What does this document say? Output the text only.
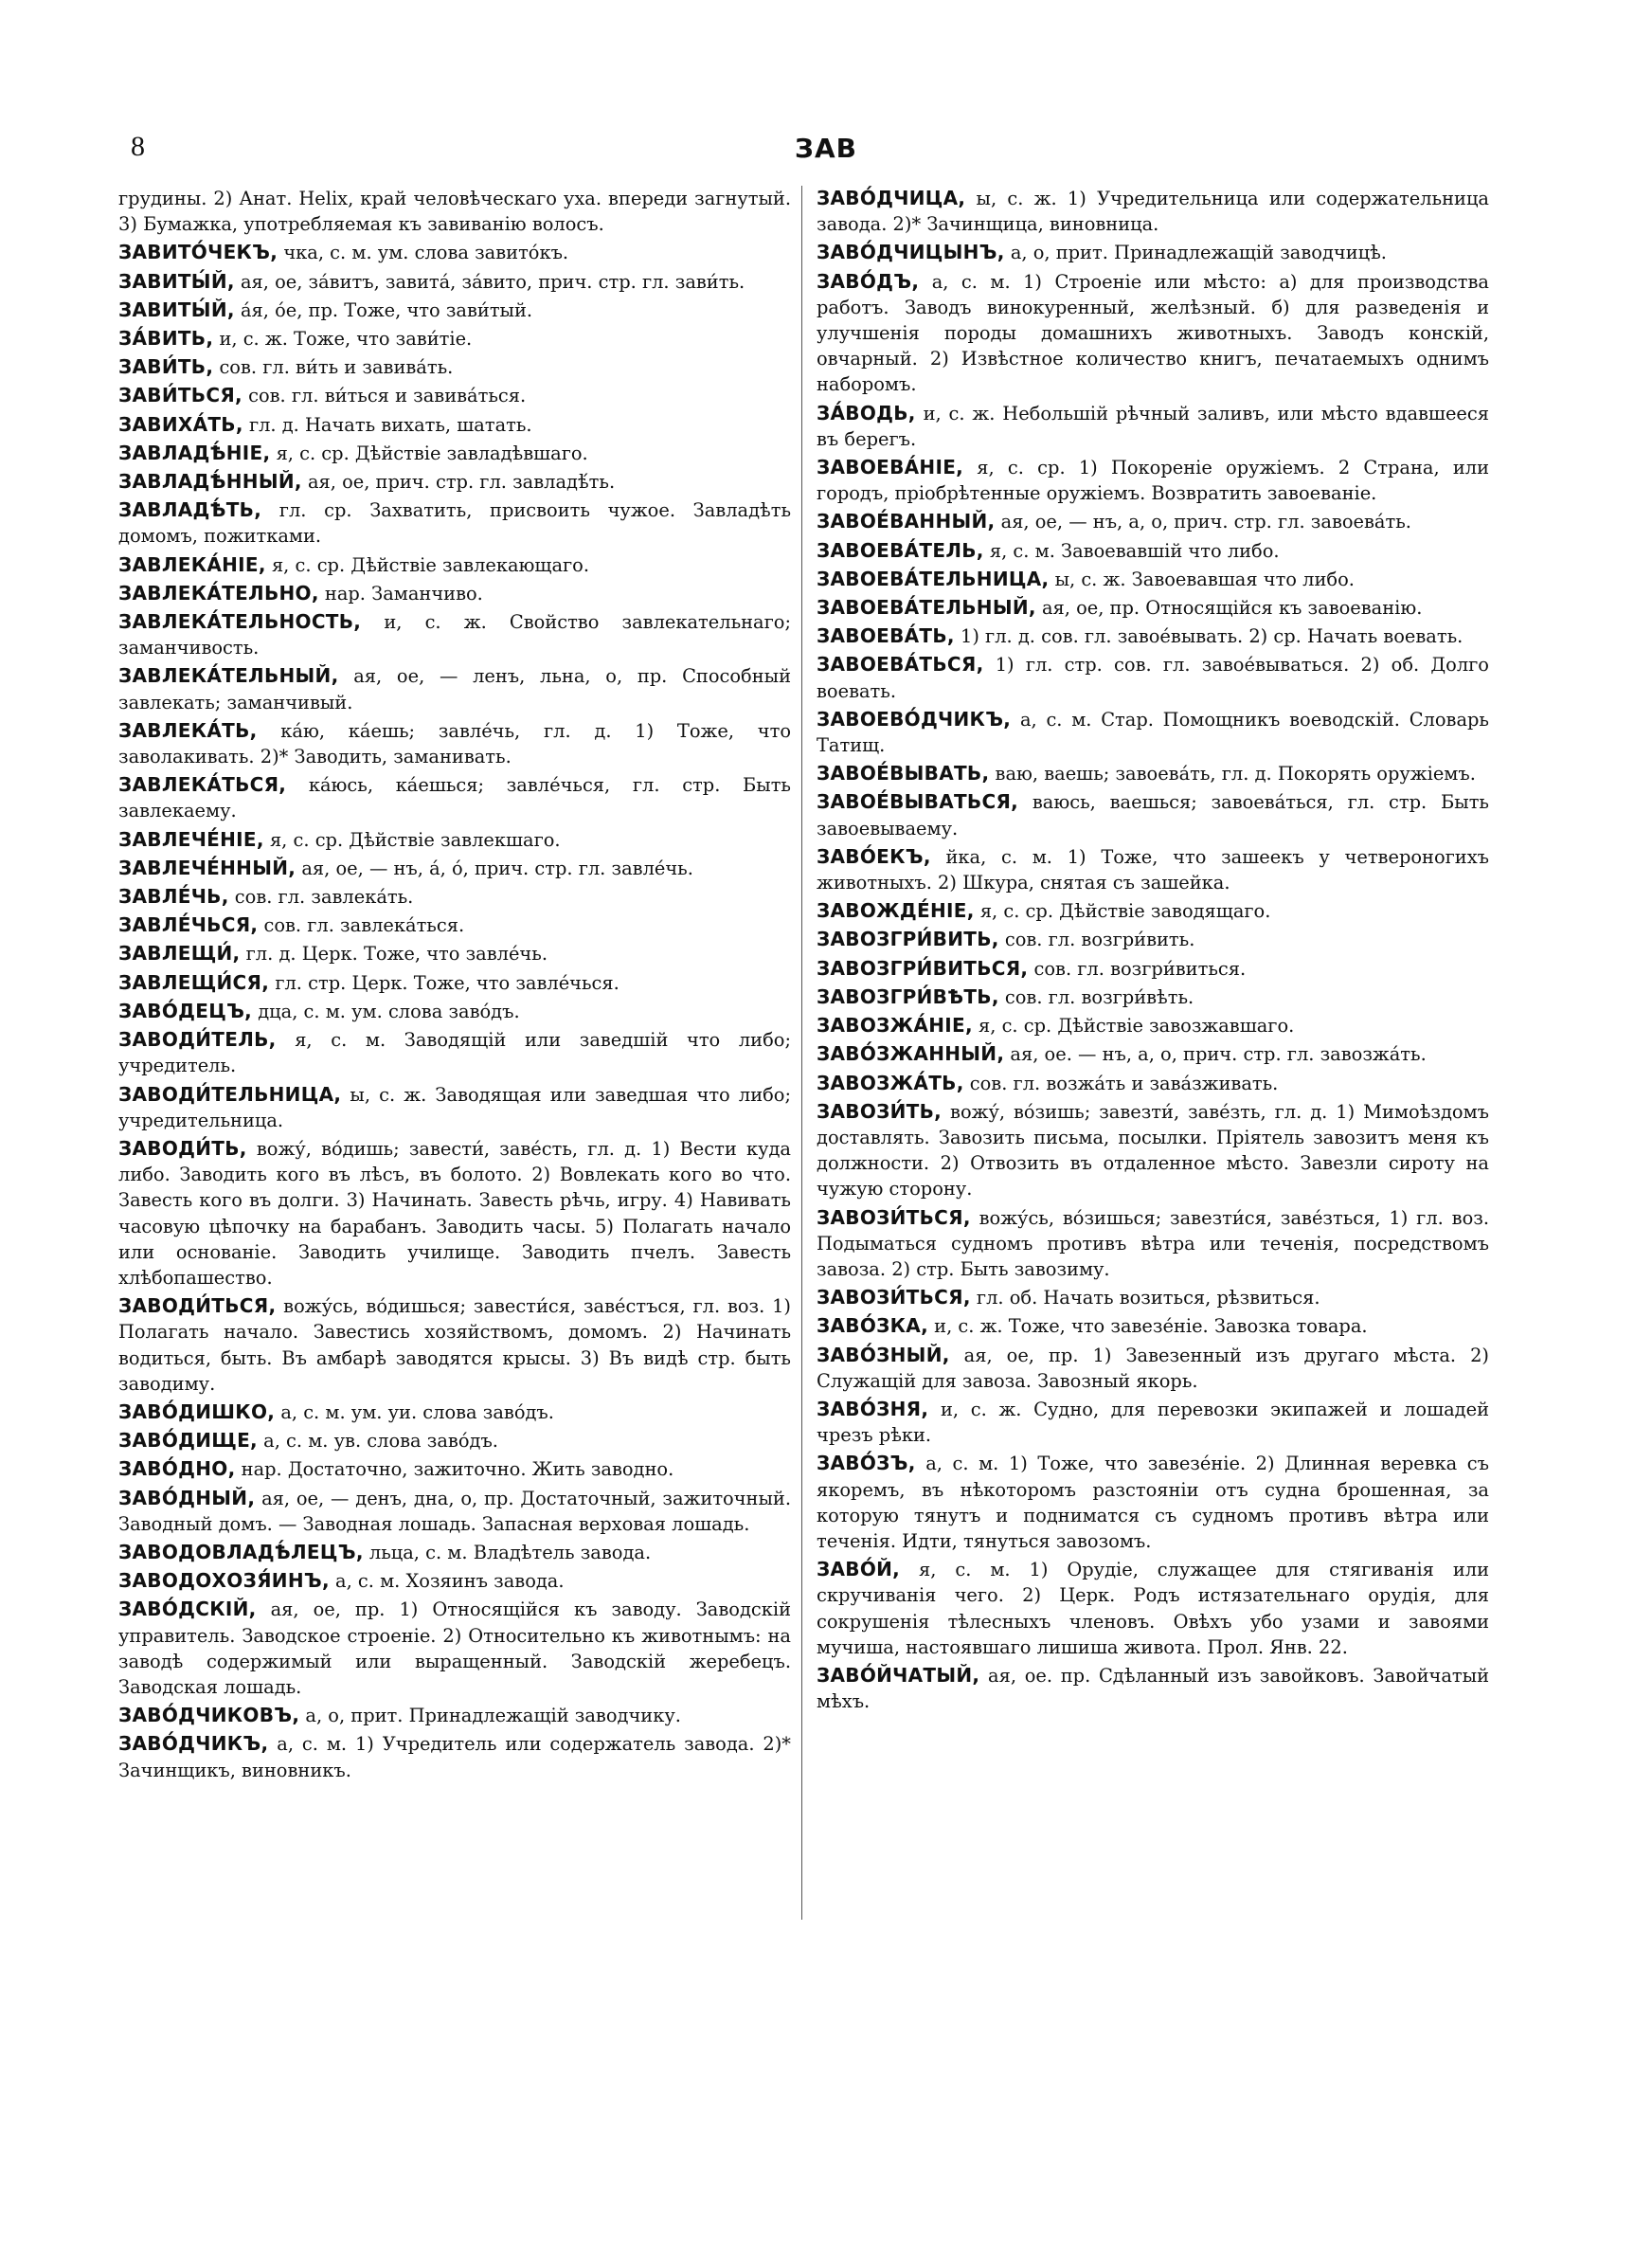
8	ЗАВ

грудины. 2) Анат. Helix, край человѣческаго уха. впереди загнутый. 3) Бумажка, употребляемая къ завиванію волосъ.

ЗАВИТО́ЧЕКЪ, чка, с. м. ум. слова завито́къ.

ЗАВИТЫ́Й, ая, ое, за́витъ, завита́, за́вито, прич. стр. гл. зави́ть.

ЗАВИТЫ́Й, а́я, о́е, пр. Тоже, что зави́тый.

ЗА́ВИТЬ, и, с. ж. Тоже, что зави́тіе.

ЗАВИ́ТЬ, сов. гл. ви́ть и завива́ть.

ЗАВИ́ТЬСЯ, сов. гл. ви́ться и завива́ться.

ЗАВИХА́ТЬ, гл. д. Начать вихать, шатать.

ЗАВЛАДѢ́НІЕ, я, с. ср. Дѣйствіе завладѣвшаго.

ЗАВЛАДѢ́ННЫЙ, ая, ое, прич. стр. гл. завладѣ́ть.

ЗАВЛАДѢ́ТЬ, гл. ср. Захватить, присвоить чужое. Завладѣть домомъ, пожитками.

ЗАВЛЕКА́НІЕ, я, с. ср. Дѣйствіе завлекающаго.

ЗАВЛЕКА́ТЕЛЬНО, нар. Заманчиво.

ЗАВЛЕКА́ТЕЛЬНОСТЬ, и, с. ж. Свойство завлекательнаго; заманчивость.

ЗАВЛЕКА́ТЕЛЬНЫЙ, ая, ое, — ленъ, льна, о, пр. Способный завлекать; заманчивый.

ЗАВЛЕКА́ТЬ, ка́ю, ка́ешь; завле́чь, гл. д. 1) Тоже, что заволакивать. 2)* Заводить, заманивать.

ЗАВЛЕКА́ТЬСЯ, ка́юсь, ка́ешься; завле́чься, гл. стр. Быть завлекаему.

ЗАВЛЕЧЕ́НІЕ, я, с. ср. Дѣйствіе завлекшаго.

ЗАВЛЕЧЕ́ННЫЙ, ая, ое, — нъ, а́, о́, прич. стр. гл. завле́чь.

ЗАВЛЕ́ЧЬ, сов. гл. завлека́ть.

ЗАВЛЕ́ЧЬСЯ, сов. гл. завлека́ться.

ЗАВЛЕЩИ́, гл. д. Церк. Тоже, что завле́чь.

ЗАВЛЕЩИ́СЯ, гл. стр. Церк. Тоже, что завле́чься.

ЗАВО́ДЕЦЪ, дца, с. м. ум. слова заво́дъ.

ЗАВОДИ́ТЕЛЬ, я, с. м. Заводящій или заведшій что либо; учредитель.

ЗАВОДИ́ТЕЛЬНИЦА, ы, с. ж. Заводящая или заведшая что либо; учредительница.

ЗАВОДИ́ТЬ, вожу́, во́дишь; завести́, заве́сть, гл. д. 1) Вести куда либо. Заводить кого въ лѣсъ, въ болото. 2) Вовлекать кого во что. Завесть кого въ долги. 3) Начинать. Завесть рѣчь, игру. 4) Навивать часовую цѣпочку на барабанъ. Заводить часы. 5) Полагать начало или основаніе. Заводить училище. Заводить пчелъ. Завесть хлѣбопашество.

ЗАВОДИ́ТЬСЯ, вожу́сь, во́дишься; завести́ся, заве́стъся, гл. воз. 1) Полагать начало. Завестись хозяйствомъ, домомъ. 2) Начинать водиться, быть. Въ амбарѣ заводятся крысы. 3) Въ видѣ стр. быть заводиму.

ЗАВО́ДИШКО, а, с. м. ум. уи. слова заво́дъ.

ЗАВО́ДИЩЕ, а, с. м. ув. слова заво́дъ.

ЗАВО́ДНО, нар. Достаточно, зажиточно. Жить заводно.

ЗАВО́ДНЫЙ, ая, ое, — денъ, дна, о, пр. Достаточный, зажиточный. Заводный домъ. — Заводная лошадь. Запасная верховая лошадь.

ЗАВОДОВЛАДѢ́ЛЕЦЪ, льца, с. м. Владѣтель завода.

ЗАВОДОХОЗЯ́ИНЪ, а, с. м. Хозяинъ завода.

ЗАВО́ДСКІЙ, ая, ое, пр. 1) Относящійся къ заводу. Заводскій управитель. Заводское строеніе. 2) Относительно къ животнымъ: на заводѣ содержимый или выращенный. Заводскій жеребецъ. Заводская лошадь.

ЗАВО́ДЧИКОВЪ, а, о, прит. Принадлежащій заводчику.

ЗАВО́ДЧИКЪ, а, с. м. 1) Учредитель или содержатель завода. 2)* Зачинщикъ, виновникъ.

ЗАВО́ДЧИЦА, ы, с. ж. 1) Учредительница или содержательница завода. 2)* Зачинщица, виновница.

ЗАВО́ДЧИЦЫНЪ, а, о, прит. Принадлежащій заводчицѣ.

ЗАВО́ДЪ, а, с. м. 1) Строеніе или мѣсто: а) для производства работъ. Заводъ винокуренный, желѣзный. б) для разведенія и улучшенія породы домашнихъ животныхъ. Заводъ конскій, овчарный. 2) Извѣстное количество книгъ, печатаемыхъ однимъ наборомъ.

ЗА́ВОДЬ, и, с. ж. Небольшій рѣчный заливъ, или мѣсто вдавшееся въ берегъ.

ЗАВОЕВА́НІЕ, я, с. ср. 1) Покореніе оружіемъ. 2 Страна, или городъ, пріобрѣтенные оружіемъ. Возвратить завоеваніе.

ЗАВОЕ́ВАННЫЙ, ая, ое, — нъ, а, о, прич. стр. гл. завоева́ть.

ЗАВОЕВА́ТЕЛЬ, я, с. м. Завоевавшій что либо.

ЗАВОЕВА́ТЕЛЬНИЦА, ы, с. ж. Завоевавшая что либо.

ЗАВОЕВА́ТЕЛЬНЫЙ, ая, ое, пр. Относящійся къ завоеванію.

ЗАВОЕВА́ТЬ, 1) гл. д. сов. гл. завое́вывать. 2) ср. Начать воевать.

ЗАВОЕВА́ТЬСЯ, 1) гл. стр. сов. гл. завое́вываться. 2) об. Долго воевать.

ЗАВОЕВО́ДЧИКЪ, а, с. м. Стар. Помощникъ воеводскій. Словарь Татищ.

ЗАВОЕ́ВЫВАТЬ, ваю, ваешь; завоева́ть, гл. д. Покорять оружіемъ.

ЗАВОЕ́ВЫВАТЬСЯ, ваюсь, ваешься; завоева́ться, гл. стр. Быть завоевываему.

ЗАВО́ЕКЪ, йка, с. м. 1) Тоже, что зашеекъ у четвероногихъ животныхъ. 2) Шкура, снятая съ зашейка.

ЗАВОЖДЕ́НІЕ, я, с. ср. Дѣйствіе заводящаго.

ЗАВОЗГРИ́ВИТЬ, сов. гл. возгри́вить.

ЗАВОЗГРИ́ВИТЬСЯ, сов. гл. возгри́виться.

ЗАВОЗГРИ́ВѢТЬ, сов. гл. возгри́вѣть.

ЗАВОЗЖА́НІЕ, я, с. ср. Дѣйствіе завозжавшаго.

ЗАВО́ЗЖАННЫЙ, ая, ое. — нъ, а, о, прич. стр. гл. завозжа́ть.

ЗАВОЗЖА́ТЬ, сов. гл. возжа́ть и зава́зживать.

ЗАВОЗИ́ТЬ, вожу́, во́зишь; завезти́, заве́зть, гл. д. 1) Мимоѣздомъ доставлять. Завозить письма, посылки. Пріятель завозитъ меня къ должности. 2) Отвозить въ отдаленное мѣсто. Завезли сироту на чужую сторону.

ЗАВОЗИ́ТЬСЯ, вожу́сь, во́зишься; завезти́ся, заве́зться, 1) гл. воз. Подыматься судномъ противъ вѣтра или теченія, посредствомъ завоза. 2) стр. Быть завозиму.

ЗАВОЗИ́ТЬСЯ, гл. об. Начать возиться, рѣзвиться.

ЗАВО́ЗКА, и, с. ж. Тоже, что завезе́ніе. Завозка товара.

ЗАВО́ЗНЫЙ, ая, ое, пр. 1) Завезенный изъ другаго мѣста. 2) Служащій для завоза. Завозный якорь.

ЗАВО́ЗНЯ, и, с. ж. Судно, для перевозки экипажей и лошадей чрезъ рѣки.

ЗАВО́ЗЪ, а, с. м. 1) Тоже, что завезе́ніе. 2) Длинная веревка съ якоремъ, въ нѣкоторомъ разстояніи отъ судна брошенная, за которую тянутъ и подниматся съ судномъ противъ вѣтра или теченія. Идти, тянуться завозомъ.

ЗАВО́Й, я, с. м. 1) Орудіе, служащее для стягиванія или скручиванія чего. 2) Церк. Родъ истязательнаго орудія, для сокрушенія тѣлесныхъ членовъ. Овѣхъ убо узами и завоями мучиша, настоявшаго лишиша живота. Прол. Янв. 22.

ЗАВО́ЙЧАТЫЙ, ая, ое. пр. Сдѣланный изъ завойковъ. Завойчатый мѣхъ.
